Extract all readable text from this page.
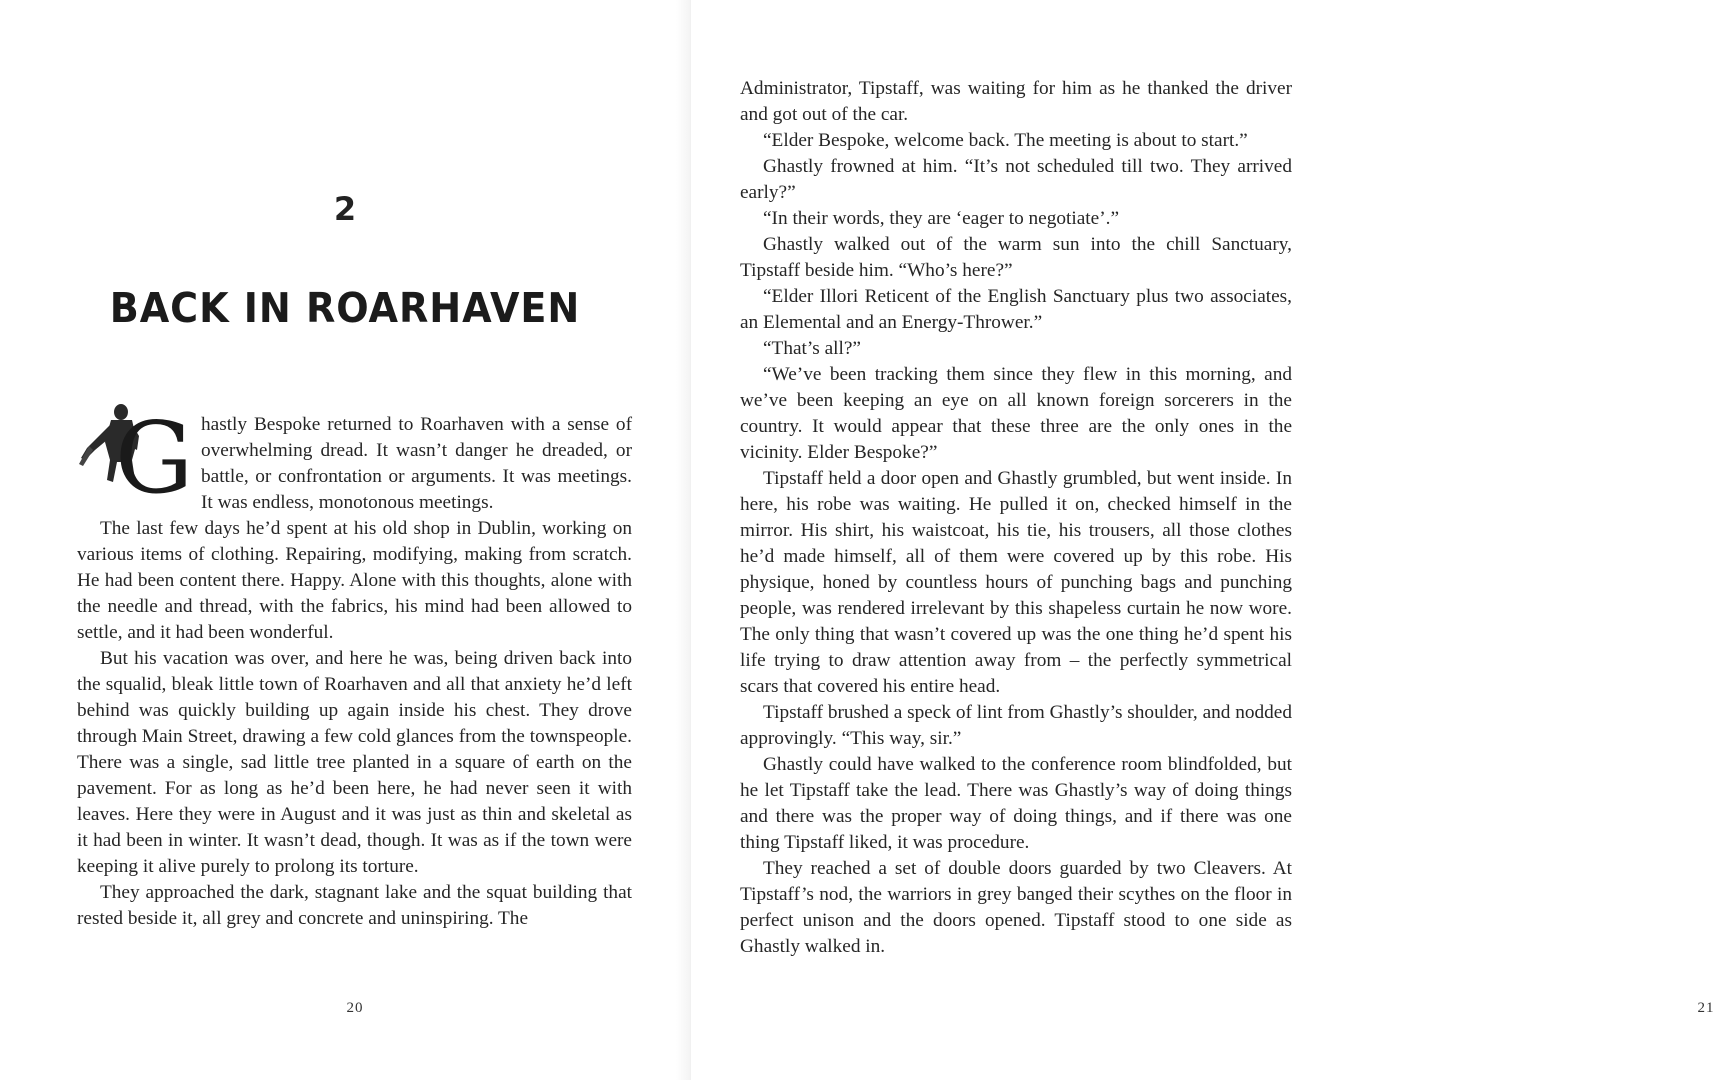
2
BACK IN ROARHAVEN

G hastly Bespoke returned to Roarhaven with a sense of overwhelming dread. It wasn’t danger he dreaded, or battle, or confrontation or arguments. It was meetings. It was endless, monotonous meetings.

The last few days he’d spent at his old shop in Dublin, working on various items of clothing. Repairing, modifying, making from scratch. He had been content there. Happy. Alone with this thoughts, alone with the needle and thread, with the fabrics, his mind had been allowed to settle, and it had been wonderful.

But his vacation was over, and here he was, being driven back into the squalid, bleak little town of Roarhaven and all that anxiety he’d left behind was quickly building up again inside his chest. They drove through Main Street, drawing a few cold glances from the townspeople. There was a single, sad little tree planted in a square of earth on the pavement. For as long as he’d been here, he had never seen it with leaves. Here they were in August and it was just as thin and skeletal as it had been in winter. It wasn’t dead, though. It was as if the town were keeping it alive purely to prolong its torture.

They approached the dark, stagnant lake and the squat building that rested beside it, all grey and concrete and uninspiring. The

20	21

Administrator, Tipstaff, was waiting for him as he thanked the driver and got out of the car.

“Elder Bespoke, welcome back. The meeting is about to start.”

Ghastly frowned at him. “It’s not scheduled till two. They arrived early?”

“In their words, they are ‘eager to negotiate’.”

Ghastly walked out of the warm sun into the chill Sanctuary, Tipstaff beside him. “Who’s here?”

“Elder Illori Reticent of the English Sanctuary plus two associates, an Elemental and an Energy-Thrower.”

“That’s all?”

“We’ve been tracking them since they flew in this morning, and we’ve been keeping an eye on all known foreign sorcerers in the country. It would appear that these three are the only ones in the vicinity. Elder Bespoke?”

Tipstaff held a door open and Ghastly grumbled, but went inside. In here, his robe was waiting. He pulled it on, checked himself in the mirror. His shirt, his waistcoat, his tie, his trousers, all those clothes he’d made himself, all of them were covered up by this robe. His physique, honed by countless hours of punching bags and punching people, was rendered irrelevant by this shapeless curtain he now wore. The only thing that wasn’t covered up was the one thing he’d spent his life trying to draw attention away from – the perfectly symmetrical scars that covered his entire head.

Tipstaff brushed a speck of lint from Ghastly’s shoulder, and nodded approvingly. “This way, sir.”

Ghastly could have walked to the conference room blindfolded, but he let Tipstaff take the lead. There was Ghastly’s way of doing things and there was the proper way of doing things, and if there was one thing Tipstaff liked, it was procedure.

They reached a set of double doors guarded by two Cleavers. At Tipstaff’s nod, the warriors in grey banged their scythes on the floor in perfect unison and the doors opened. Tipstaff stood to one side as Ghastly walked in.
